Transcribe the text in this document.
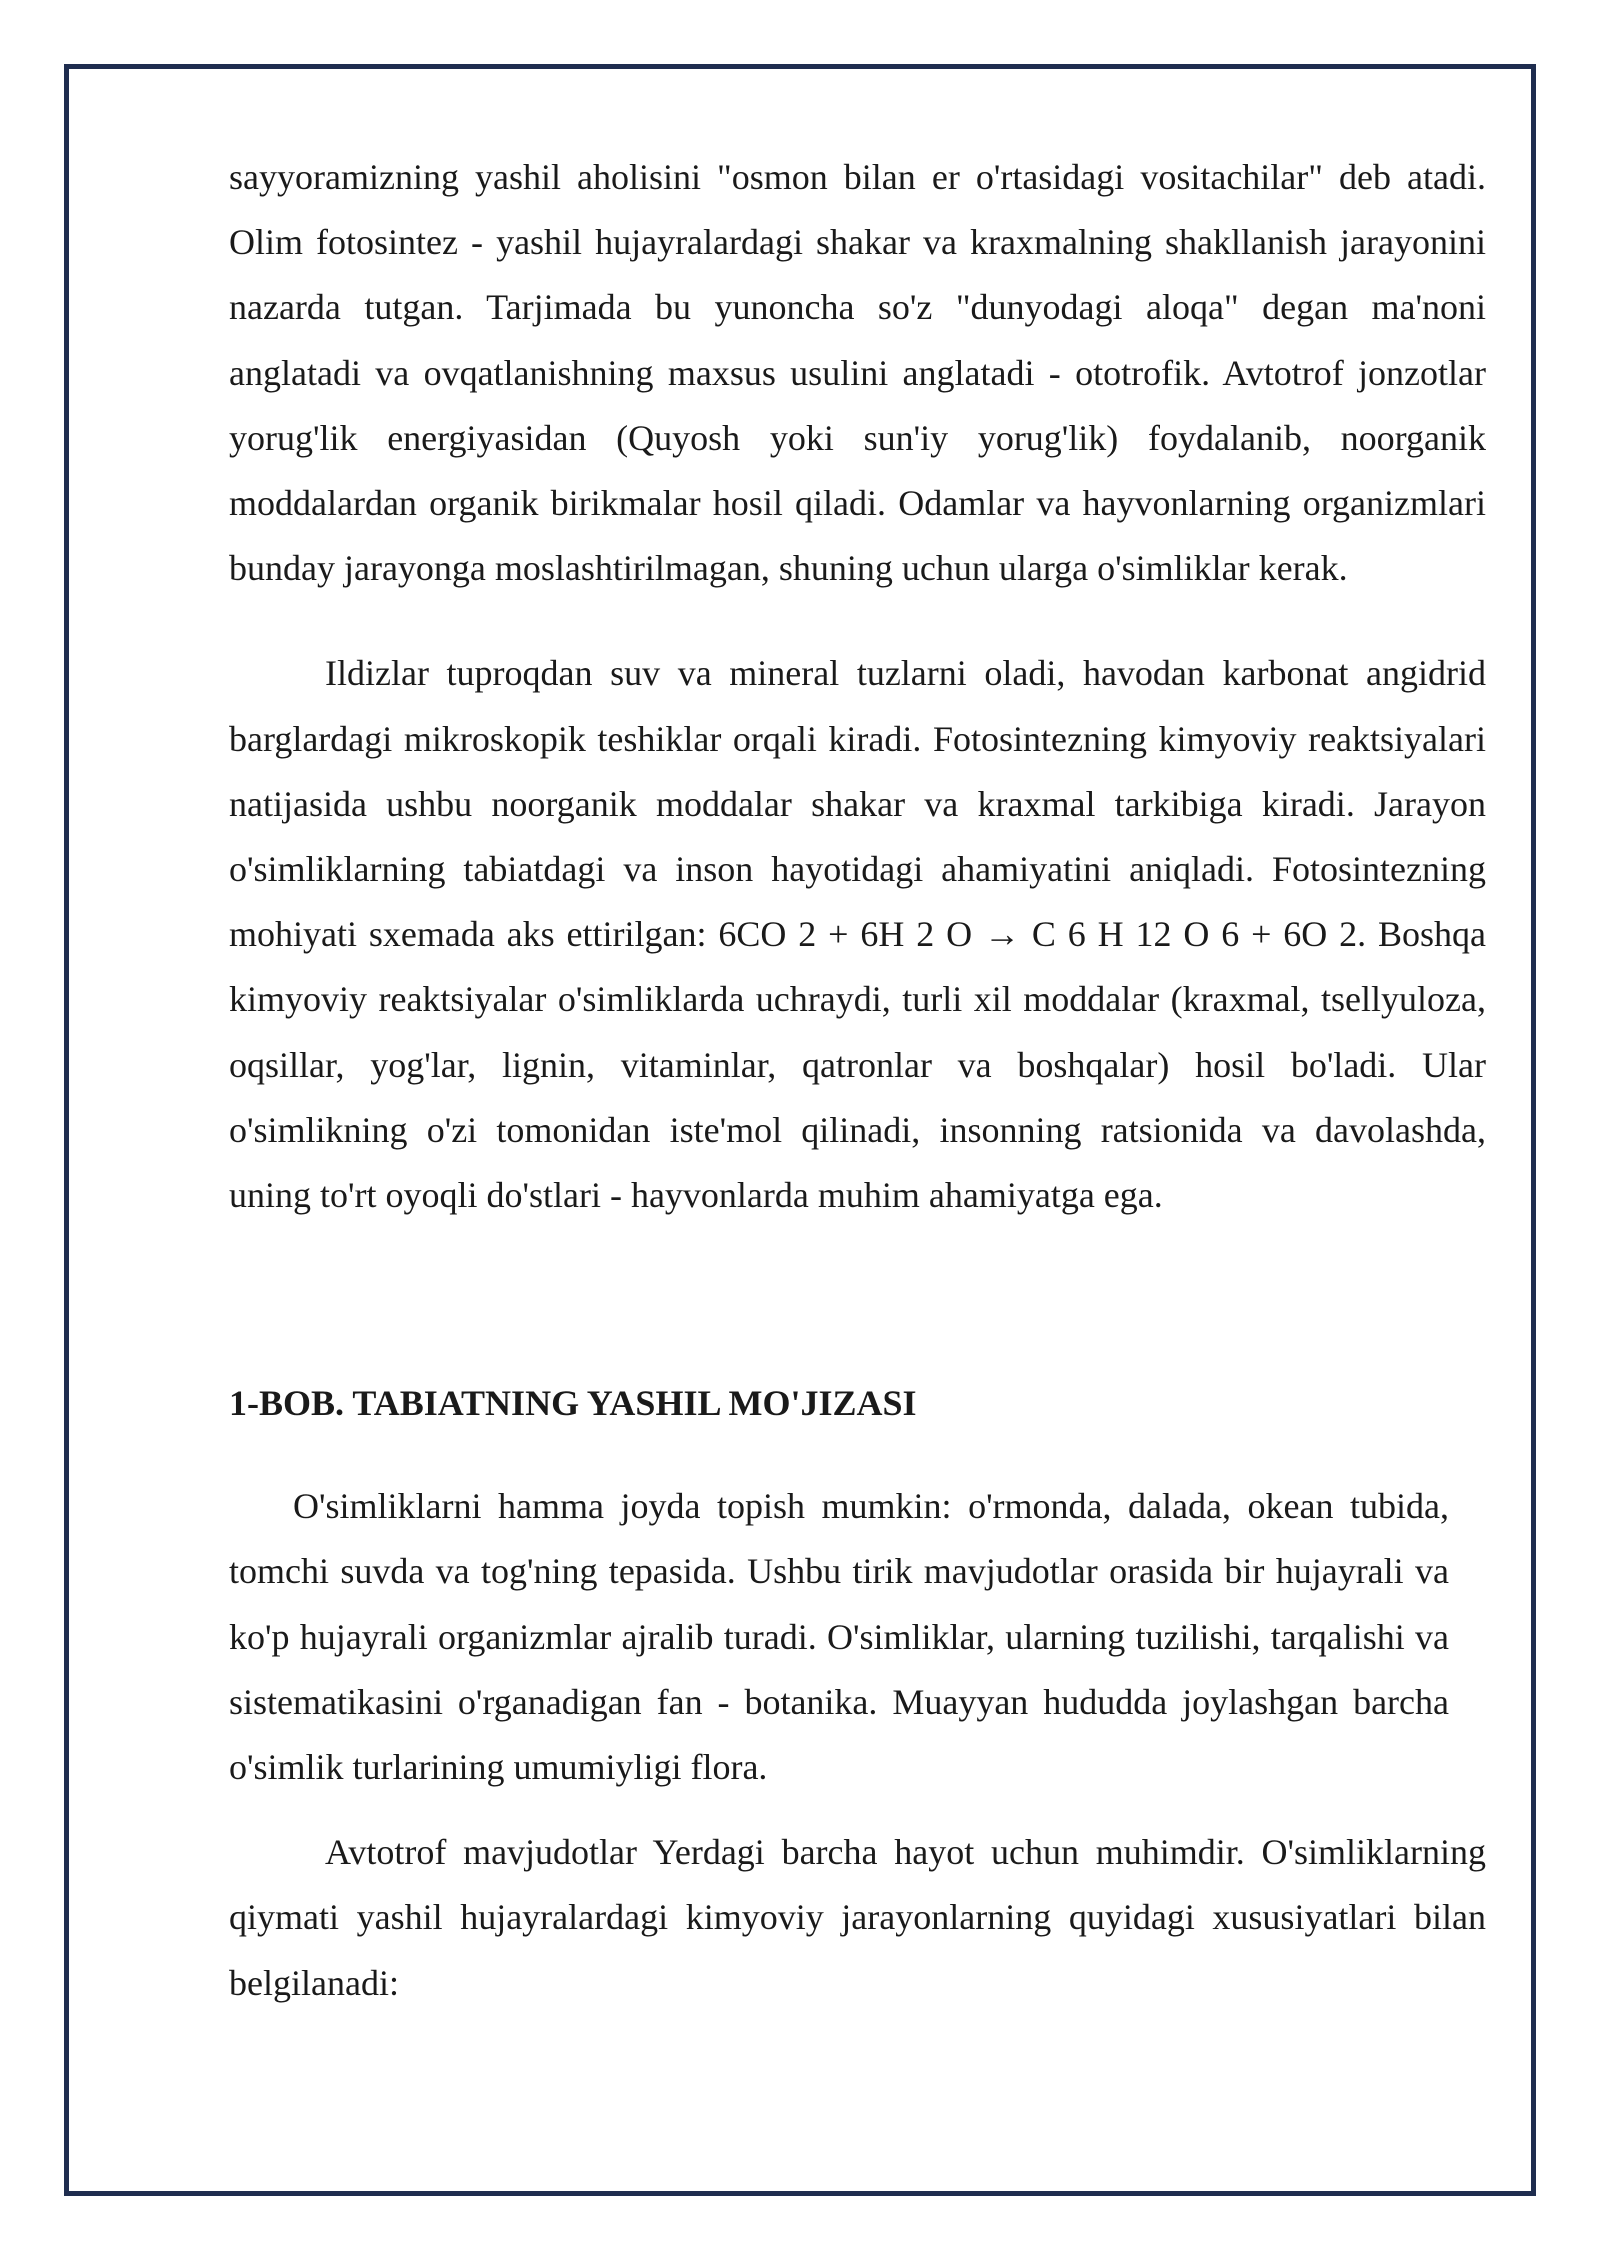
sayyoramizning yashil aholisini "osmon bilan er o'rtasidagi vositachilar" deb atadi. Olim fotosintez - yashil hujayralardagi shakar va kraxmalning shakllanish jarayonini nazarda tutgan. Tarjimada bu yunoncha so'z "dunyodagi aloqa" degan ma'noni anglatadi va ovqatlanishning maxsus usulini anglatadi - ototrofik. Avtotrof jonzotlar yorug'lik energiyasidan (Quyosh yoki sun'iy yorug'lik) foydalanib, noorganik moddalardan organik birikmalar hosil qiladi. Odamlar va hayvonlarning organizmlari bunday jarayonga moslashtirilmagan, shuning uchun ularga o'simliklar kerak.

Ildizlar tuproqdan suv va mineral tuzlarni oladi, havodan karbonat angidrid barglardagi mikroskopik teshiklar orqali kiradi. Fotosintezning kimyoviy reaktsiyalari natijasida ushbu noorganik moddalar shakar va kraxmal tarkibiga kiradi. Jarayon o'simliklarning tabiatdagi va inson hayotidagi ahamiyatini aniqladi. Fotosintezning mohiyati sxemada aks ettirilgan: 6CO 2 + 6H 2 O → C 6 H 12 O 6 + 6O 2. Boshqa kimyoviy reaktsiyalar o'simliklarda uchraydi, turli xil moddalar (kraxmal, tsellyuloza, oqsillar, yog'lar, lignin, vitaminlar, qatronlar va boshqalar) hosil bo'ladi. Ular o'simlikning o'zi tomonidan iste'mol qilinadi, insonning ratsionida va davolashda, uning to'rt oyoqli do'stlari - hayvonlarda muhim ahamiyatga ega.

1-BOB. TABIATNING YASHIL MO'JIZASI

O'simliklarni hamma joyda topish mumkin: o'rmonda, dalada, okean tubida, tomchi suvda va tog'ning tepasida. Ushbu tirik mavjudotlar orasida bir hujayrali va ko'p hujayrali organizmlar ajralib turadi. O'simliklar, ularning tuzilishi, tarqalishi va sistematikasini o'rganadigan fan - botanika. Muayyan hududda joylashgan barcha o'simlik turlarining umumiyligi flora.

Avtotrof mavjudotlar Yerdagi barcha hayot uchun muhimdir. O'simliklarning qiymati yashil hujayralardagi kimyoviy jarayonlarning quyidagi xususiyatlari bilan belgilanadi:
